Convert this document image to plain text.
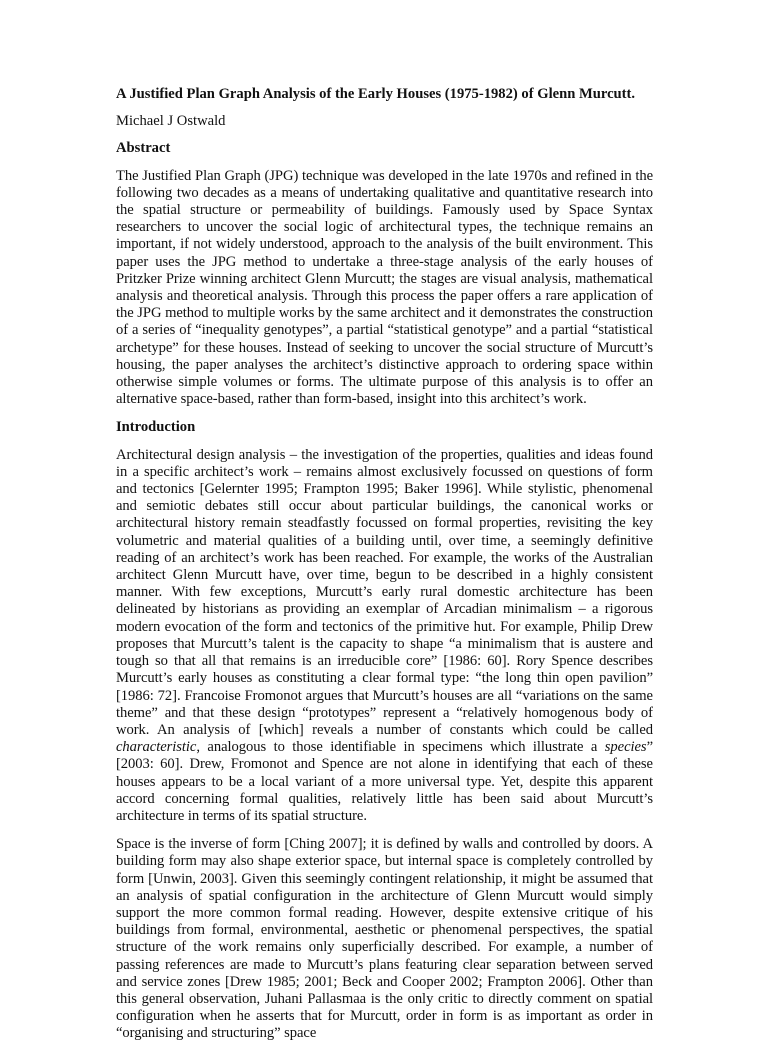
A Justified Plan Graph Analysis of the Early Houses (1975-1982) of Glenn Murcutt.
Michael J Ostwald
Abstract

The Justified Plan Graph (JPG) technique was developed in the late 1970s and refined in the following two decades as a means of undertaking qualitative and quantitative research into the spatial structure or permeability of buildings. Famously used by Space Syntax researchers to uncover the social logic of architectural types, the technique remains an important, if not widely understood, approach to the analysis of the built environment. This paper uses the JPG method to undertake a three-stage analysis of the early houses of Pritzker Prize winning architect Glenn Murcutt; the stages are visual analysis, mathematical analysis and theoretical analysis. Through this process the paper offers a rare application of the JPG method to multiple works by the same architect and it demonstrates the construction of a series of “inequality genotypes”, a partial “statistical genotype” and a partial “statistical archetype” for these houses. Instead of seeking to uncover the social structure of Murcutt’s housing, the paper analyses the architect’s distinctive approach to ordering space within otherwise simple volumes or forms. The ultimate purpose of this analysis is to offer an alternative space-based, rather than form-based, insight into this architect’s work.

Introduction

Architectural design analysis – the investigation of the properties, qualities and ideas found in a specific architect’s work – remains almost exclusively focussed on questions of form and tectonics [Gelernter 1995; Frampton 1995; Baker 1996]. While stylistic, phenomenal and semiotic debates still occur about particular buildings, the canonical works or architectural history remain steadfastly focussed on formal properties, revisiting the key volumetric and material qualities of a building until, over time, a seemingly definitive reading of an architect’s work has been reached. For example, the works of the Australian architect Glenn Murcutt have, over time, begun to be described in a highly consistent manner. With few exceptions, Murcutt’s early rural domestic architecture has been delineated by historians as providing an exemplar of Arcadian minimalism – a rigorous modern evocation of the form and tectonics of the primitive hut. For example, Philip Drew proposes that Murcutt’s talent is the capacity to shape “a minimalism that is austere and tough so that all that remains is an irreducible core” [1986: 60]. Rory Spence describes Murcutt’s early houses as constituting a clear formal type: “the long thin open pavilion” [1986: 72]. Francoise Fromonot argues that Murcutt’s houses are all “variations on the same theme” and that these design “prototypes” represent a “relatively homogenous body of work. An analysis of [which] reveals a number of constants which could be called characteristic, analogous to those identifiable in specimens which illustrate a species” [2003: 60]. Drew, Fromonot and Spence are not alone in identifying that each of these houses appears to be a local variant of a more universal type. Yet, despite this apparent accord concerning formal qualities, relatively little has been said about Murcutt’s architecture in terms of its spatial structure.

Space is the inverse of form [Ching 2007]; it is defined by walls and controlled by doors. A building form may also shape exterior space, but internal space is completely controlled by form [Unwin, 2003]. Given this seemingly contingent relationship, it might be assumed that an analysis of spatial configuration in the architecture of Glenn Murcutt would simply support the more common formal reading. However, despite extensive critique of his buildings from formal, environmental, aesthetic or phenomenal perspectives, the spatial structure of the work remains only superficially described. For example, a number of passing references are made to Murcutt’s plans featuring clear separation between served and service zones [Drew 1985; 2001; Beck and Cooper 2002; Frampton 2006]. Other than this general observation, Juhani Pallasmaa is the only critic to directly comment on spatial configuration when he asserts that for Murcutt, order in form is as important as order in “organising and structuring” space
